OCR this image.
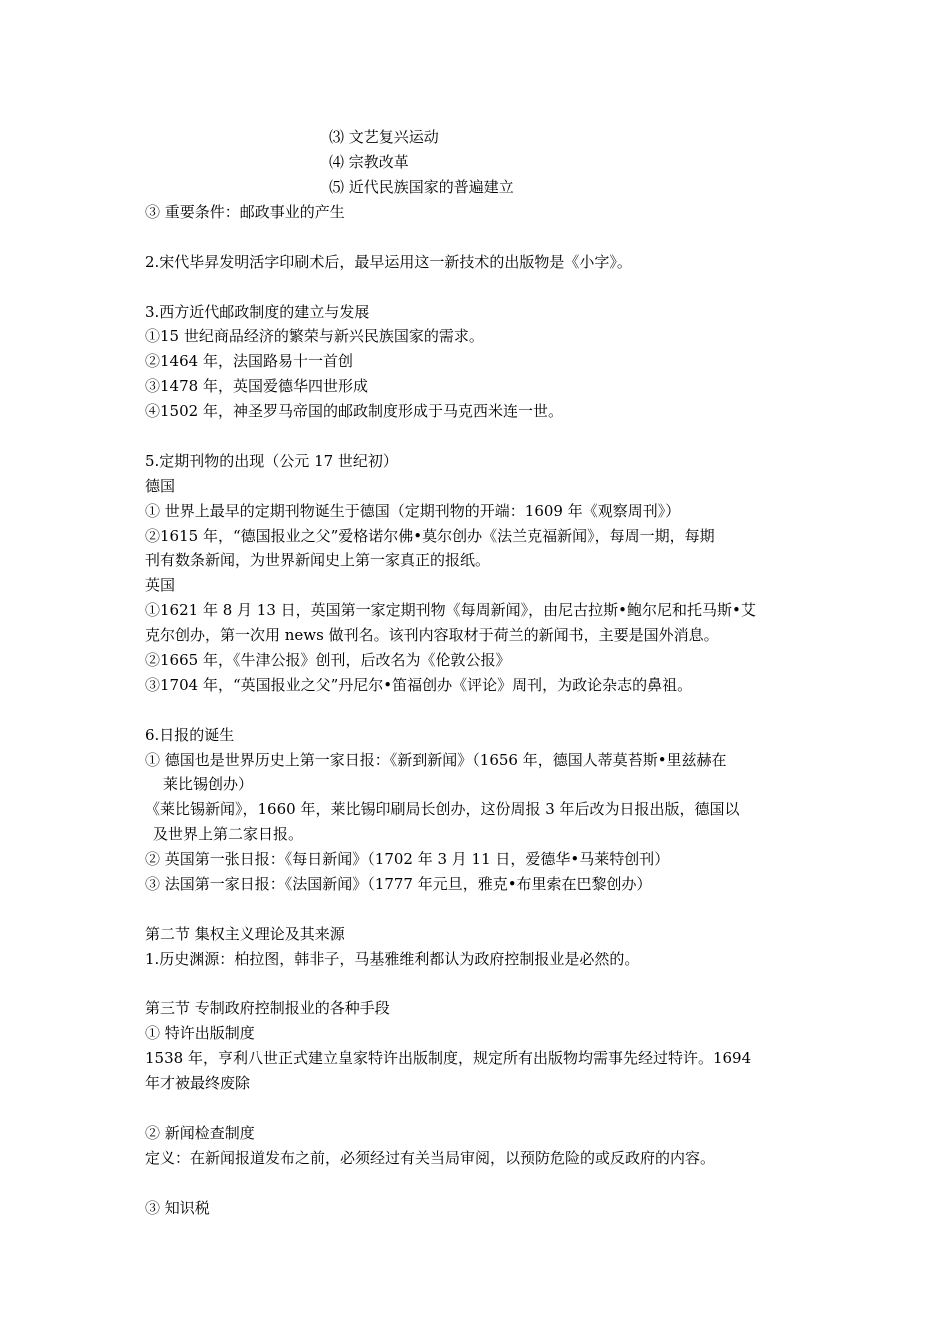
⑶ 文艺复兴运动

⑷ 宗教改革

⑸ 近代民族国家的普遍建立

③ 重要条件：邮政事业的产生

2.宋代毕昇发明活字印刷术后，最早运用这一新技术的出版物是《小字》。

3.西方近代邮政制度的建立与发展

①15 世纪商品经济的繁荣与新兴民族国家的需求。

②1464 年，法国路易十一首创

③1478 年，英国爱德华四世形成

④1502 年，神圣罗马帝国的邮政制度形成于马克西米连一世。

5.定期刊物的出现（公元 17 世纪初）

德国

① 世界上最早的定期刊物诞生于德国（定期刊物的开端：1609 年《观察周刊》）

②1615 年，“德国报业之父”爱格诺尔佛•莫尔创办《法兰克福新闻》，每周一期，每期

刊有数条新闻，为世界新闻史上第一家真正的报纸。

英国

①1621 年 8 月 13 日，英国第一家定期刊物《每周新闻》，由尼古拉斯•鲍尔尼和托马斯•艾

克尔创办，第一次用 news 做刊名。该刊内容取材于荷兰的新闻书，主要是国外消息。

②1665 年，《牛津公报》创刊，后改名为《伦敦公报》

③1704 年，“英国报业之父”丹尼尔•笛福创办《评论》周刊，为政论杂志的鼻祖。

6.日报的诞生

① 德国也是世界历史上第一家日报：《新到新闻》（1656 年，德国人蒂莫苔斯•里兹赫在

莱比锡创办）

《莱比锡新闻》，1660 年，莱比锡印刷局长创办，这份周报 3 年后改为日报出版，德国以

及世界上第二家日报。

② 英国第一张日报：《每日新闻》（1702 年 3 月 11 日，爱德华•马莱特创刊）

③ 法国第一家日报：《法国新闻》（1777 年元旦，雅克•布里索在巴黎创办）

第二节 集权主义理论及其来源

1.历史渊源：柏拉图，韩非子，马基雅维利都认为政府控制报业是必然的。

第三节 专制政府控制报业的各种手段

① 特许出版制度

1538 年，亨利八世正式建立皇家特许出版制度，规定所有出版物均需事先经过特许。1694

年才被最终废除

② 新闻检查制度

定义：在新闻报道发布之前，必须经过有关当局审阅，以预防危险的或反政府的内容。

③ 知识税
